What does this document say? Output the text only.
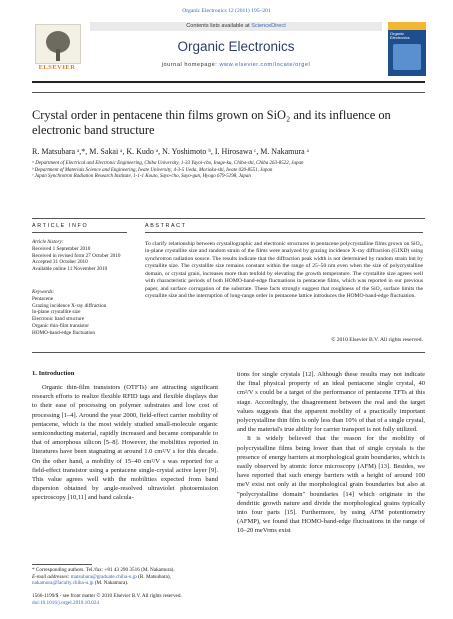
Organic Electronics 12 (2011) 195–201
ELSEVIER
Contents lists available at ScienceDirect
Organic Electronics
journal homepage: www.elsevier.com/locate/orgel
Organic Electronics
Crystal order in pentacene thin films grown on SiO₂ and its influence on electronic band structure
R. Matsubara ᵃ,*, M. Sakai ᵃ, K. Kudo ᵃ, N. Yoshimoto ᵇ, I. Hirosawa ᶜ, M. Nakamura ᵃ
ᵃ Department of Electrical and Electronic Engineering, Chiba University, 1-33 Yayoi-cho, Inage-ku, Chiba-shi, Chiba 263-8522, Japan
ᵇ Department of Materials Science and Engineering, Iwate University, 4-3-5 Ueda, Morioka-shi, Iwate 020-8551, Japan
ᶜ Japan Synchrotron Radiation Research Institute, 1-1-1 Kouto, Sayo-cho, Sayo-gun, Hyogo 679-5198, Japan
ARTICLE INFO	ABSTRACT
Article history:
Received 1 September 2010
Received in revised form 27 October 2010
Accepted 31 October 2010
Available online 11 November 2010
Keywords:
Pentacene
Grazing incidence X-ray diffraction
In-plane crystallite size
Electronic band structure
Organic thin-film transistor
HOMO-band-edge fluctuation
To clarify relationship between crystallographic and electronic structures in pentacene polycrystalline films grown on SiO₂, in-plane crystallite size and random strain of the films were analyzed by grazing incidence X-ray diffraction (GIXD) using synchrotron radiation source. The results indicate that the diffraction peak width is not determined by random strain but by crystallite size. The crystallite size remains constant within the range of 25–50 nm even when the size of polycrystalline domain, or crystal grain, increases more than tenfold by elevating the growth temperature. The crystallite size agrees well with characteristic periods of both HOMO-band-edge fluctuations in pentacene films, which was reported in our previous paper, and surface corrugation of the substrate. These facts strongly suggest that roughness of the SiO₂ surface limits the crystallite size and the interruption of long-range order in pentacene lattice introduces the HOMO-band-edge fluctuation.
© 2010 Elsevier B.V. All rights reserved.
1. Introduction
Organic thin-film transistors (OTFTs) are attracting significant research efforts to realize flexible RFID tags and flexible displays due to their ease of processing on polymer substrates and low cost of processing [1–4]. Around the year 2000, field-effect carrier mobility of pentacene, which is the most widely studied small-molecule organic semiconducting material, rapidly increased and became comparable to that of amorphous silicon [5–8]. However, the mobilities reported in literatures have been stagnating at around 1.0 cm²/V s for this decade. On the other hand, a mobility of 15–40 cm²/V s was reported for a field-effect transistor using a pentacene single-crystal active layer [9]. This value agrees well with the mobilities expected from band dispersion obtained by angle-resolved ultraviolet photoemission spectroscopy [10,11] and band calcula-
tions for single crystals [12]. Although these results may not indicate the final physical property of an ideal pentacene single crystal, 40 cm²/V s could be a target of the performance of pentacene TFTs at this stage. Accordingly, the disagreement between the real and the target values suggests that the apparent mobility of a practically important polycrystalline thin film is only less than 10% of that of a single crystal, and the material's true ability for carrier transport is not fully utilized.
It is widely believed that the reason for the mobility of polycrystalline films being lower than that of single crystals is the presence of energy barriers at morphological grain boundaries, which is easily observed by atomic force microscopy (AFM) [13]. Besides, we have reported that such energy barriers with a height of around 100 meV exist not only at the morphological grain boundaries but also at "polycrystalline domain" boundaries [14] which originate in the dendritic growth nature and divide the morphological grains typically into four parts [15]. Furthermore, by using AFM potentiometry (AFMP), we found that HOMO-band-edge fluctuations in the range of 10–20 meVrms exist
* Corresponding authors. Tel./fax: +81 43 290 3516 (M. Nakamura).
E-mail addresses: matsubara@graduate.chiba-u.jp (R. Matsubara),
nakamura@faculty.chiba-u.jp (M. Nakamura).
1566-1199/$ - see front matter © 2010 Elsevier B.V. All rights reserved.
doi:10.1016/j.orgel.2010.10.024
